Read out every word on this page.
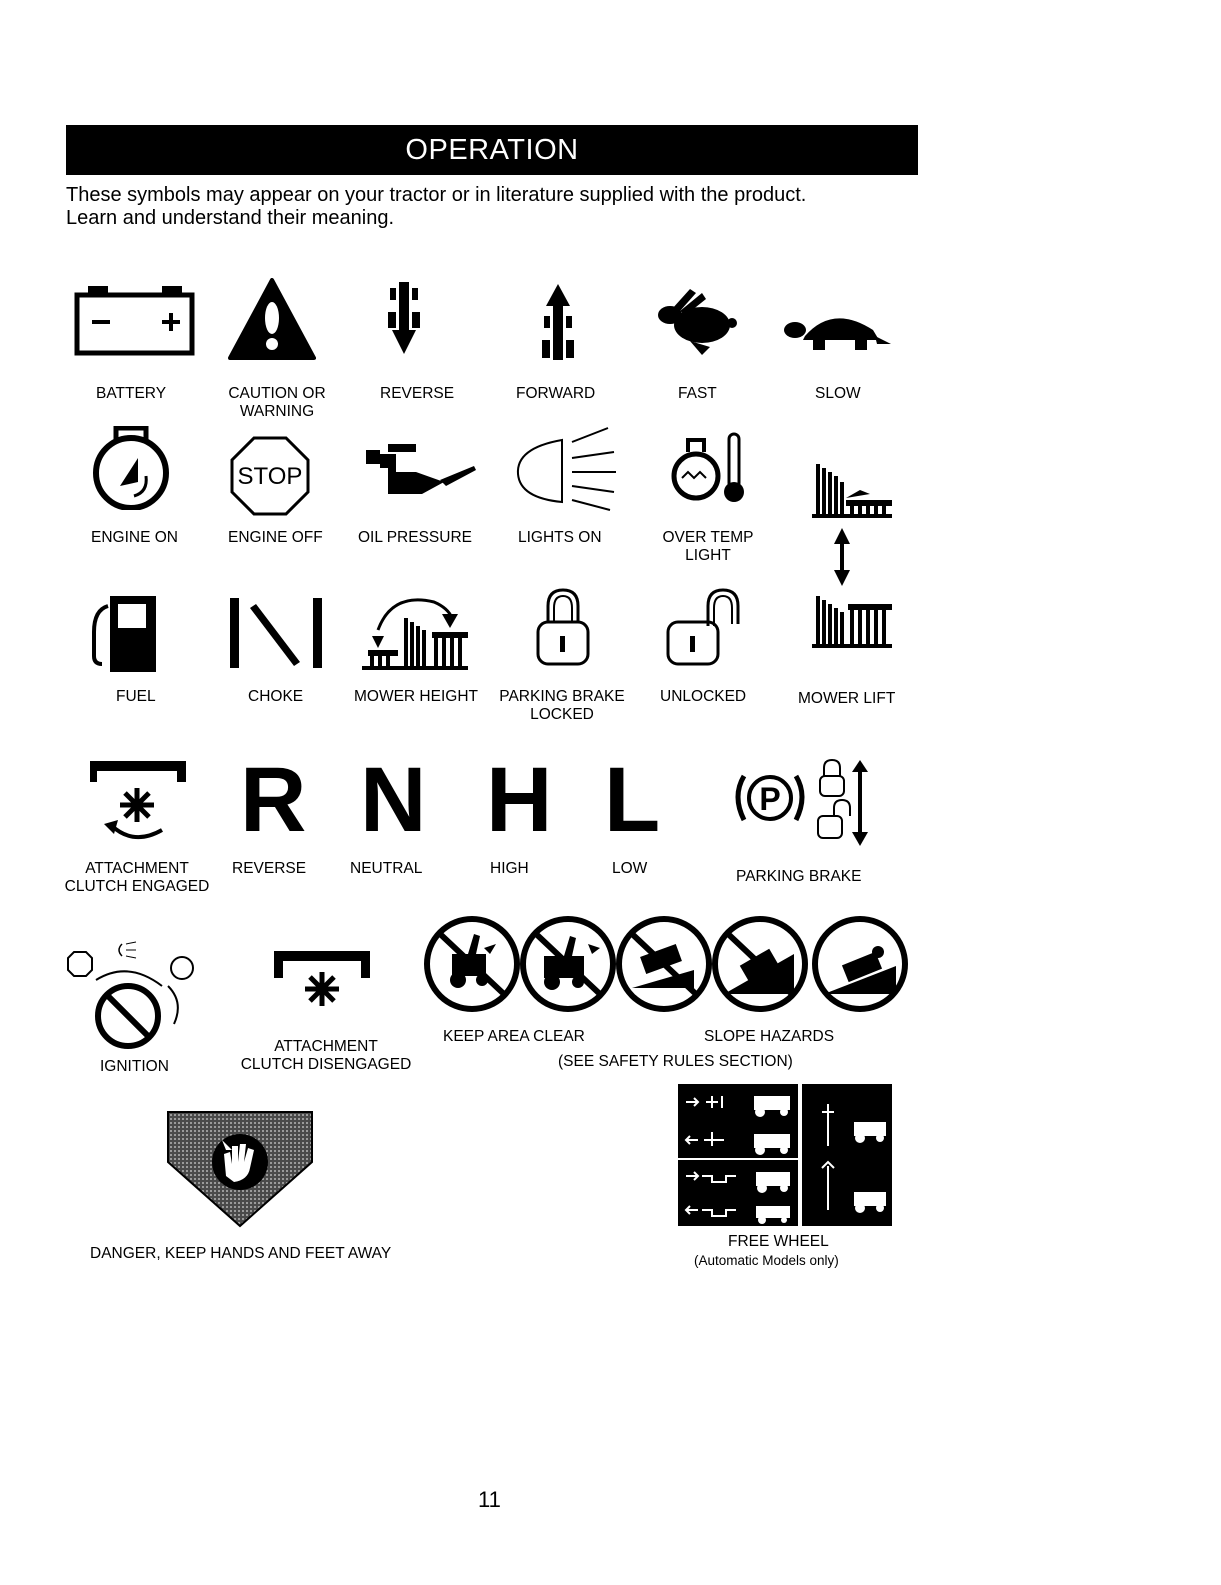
OPERATION
These symbols may appear on your tractor or in literature supplied with the product.
Learn and understand their meaning.
BATTERY	CAUTION OR
WARNING
REVERSE	FORWARD	FAST	SLOW
ENGINE ON
STOP
ENGINE OFF OIL PRESSURE	LIGHTS ON	OVER TEMP
LIGHT
FUEL	CHOKE	MOWER HEIGHT PARKING BRAKE
LOCKED
UNLOCKED	MOWER LIFT
ATTACHMENT
CLUTCH ENGAGED
R
REVERSE
N
NEUTRAL
H
HIGH
L
LOW
P
PARKING BRAKE
IGNITION
ATTACHMENT
CLUTCH DISENGAGED
KEEP AREA CLEAR	SLOPE HAZARDS
(SEE SAFETY RULES SECTION)
DANGER, KEEP HANDS AND FEET AWAY
FREE WHEEL
(Automatic Models only)
11
